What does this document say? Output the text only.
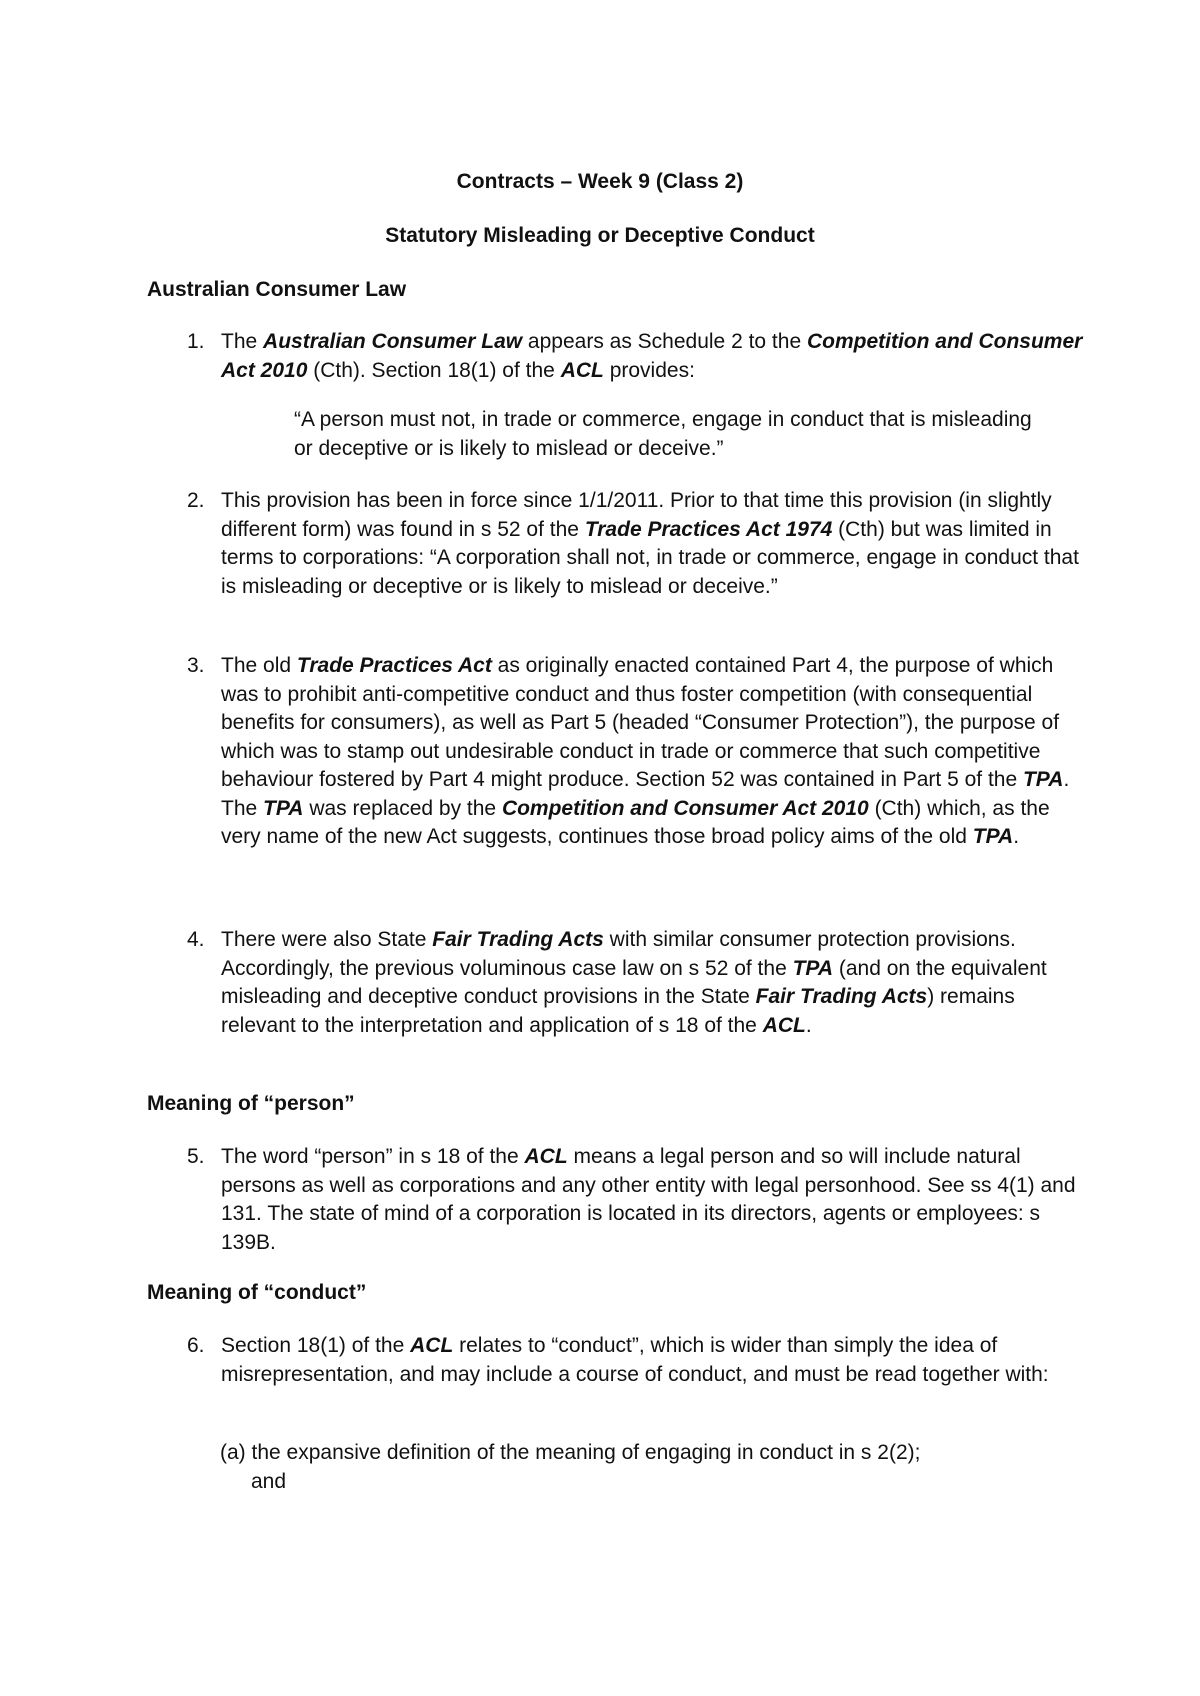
Contracts – Week 9 (Class 2)
Statutory Misleading or Deceptive Conduct
Australian Consumer Law
1. The Australian Consumer Law appears as Schedule 2 to the Competition and Consumer Act 2010 (Cth). Section 18(1) of the ACL provides:
“A person must not, in trade or commerce, engage in conduct that is misleading or deceptive or is likely to mislead or deceive.”
2. This provision has been in force since 1/1/2011. Prior to that time this provision (in slightly different form) was found in s 52 of the Trade Practices Act 1974 (Cth) but was limited in terms to corporations: “A corporation shall not, in trade or commerce, engage in conduct that is misleading or deceptive or is likely to mislead or deceive.”
3. The old Trade Practices Act as originally enacted contained Part 4, the purpose of which was to prohibit anti-competitive conduct and thus foster competition (with consequential benefits for consumers), as well as Part 5 (headed “Consumer Protection”), the purpose of which was to stamp out undesirable conduct in trade or commerce that such competitive behaviour fostered by Part 4 might produce. Section 52 was contained in Part 5 of the TPA. The TPA was replaced by the Competition and Consumer Act 2010 (Cth) which, as the very name of the new Act suggests, continues those broad policy aims of the old TPA.
4. There were also State Fair Trading Acts with similar consumer protection provisions. Accordingly, the previous voluminous case law on s 52 of the TPA (and on the equivalent misleading and deceptive conduct provisions in the State Fair Trading Acts) remains relevant to the interpretation and application of s 18 of the ACL.
Meaning of “person”
5. The word “person” in s 18 of the ACL means a legal person and so will include natural persons as well as corporations and any other entity with legal personhood. See ss 4(1) and 131. The state of mind of a corporation is located in its directors, agents or employees: s 139B.
Meaning of “conduct”
6. Section 18(1) of the ACL relates to “conduct”, which is wider than simply the idea of misrepresentation, and may include a course of conduct, and must be read together with:
(a) the expansive definition of the meaning of engaging in conduct in s 2(2);
and
